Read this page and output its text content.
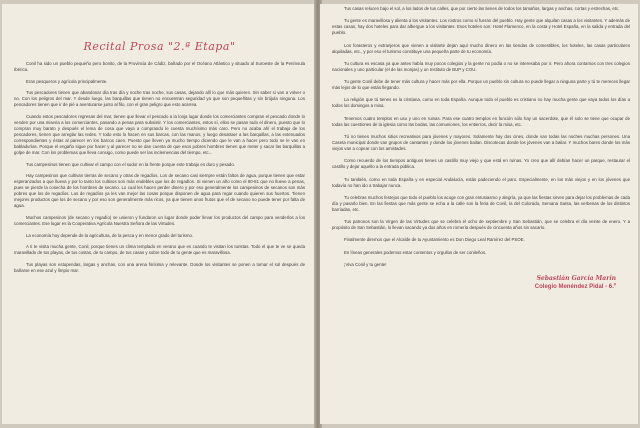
Recital Prosa "2.ª Etapa"

Conil ha sido un pueblo pequeño pero bonito, de la Provincia de Cádiz, bañado por el Océano Atlántico y situado al Suroeste de la Península Ibérica.

Eran pesqueros y agrícola principalmente.

Tus pescadores tienen que abandonar día tras día y noche tras noche, sus casas, dejando allí lo que más quieren. Sin saber si van a volver o no. Con los peligros del mar. Y desde luego, las barquillas que tienen no encuentran seguridad ya que son pequeñitas y sin brújula ninguna. Los pescadores tienen que ir de pié a aventurarse junto al filo, con el gran peligro que esto acarrea.

Cuando estos pescadores regresan del mar, tienen que llevar el pescado a la lonja lugar donde los comerciantes compran el pescado donde lo venden por una miseria a los comerciantes, pasando a penas para subsistir. Y los comerciantes, estos sí, ellos se pasan todo el dinero, puesto que lo compran muy barato y después el lema de cosa que vaya a comprando le cuesta muchísimo más caro. Pero no acaba ahí el trabajo de los pescadores, tienen que arreglar las redes. Y todo esto lo hacen en sus barcas, con las manos, y luego desatraer a las barquillas, a las extenuados correspondientes y éstas al parecer en los barcos caen. Puesto que lleven ya mucho tiempo diciendo que le van a hacer pero todo se le van en babladurías. Porque el engaño sigue por hacer y al parecer no se dan cuenta de que esos pobres hombres tienen que meter y sacar las barquillas a golpe de mar. Con los problemas que lleva consigo, como puede ser las inclemencias del tiempo, etc...

Tus campesinos tienen que cultivar el campo con el sudor en la frente porque este trabajo es duro y pesado.

Hay campesinos que cultivan tierras de secano y otras de regadíos. Los de secano casi siempre están faltos de agua, porque tienen que estar esperanzados a que llueva y por lo tanto los cultivos son más endebles que los de regadíos. Si vienen un año como el 80-81 que no llueve a penas, pues se pierde la cosecha de los hombres de secano. Lo cual les hacen perder dinero y por eso generalmente los campesinos de secanos son más pobres que los de regadíos. Los de regadíos ya les van mejor las cosas porque disponen de agua para regar cuando quieren sus huertos. Tienen mejores productos que los de secano y por eso son generalmente más ricos, ya que tienen unos frutos que el de secano no puede tener por falta de agua.

Muchos campesinos (de secano y regadío) se unieron y fundaron un lugar donde poder llevar los productos del campo para venderlos a los comerciantes. Ese lugar es la Cooperativa Agrícola Nuestra Señora de las Virtudes.

La economía hoy depende de la agricultura, de la pesca y en menor grado del turismo.

A ti te visita mucha gente, Conil, porque tienes un clima templado en verano que es cuando te visitan los turistas. Todo el que te ve se queda maravillado de tus playas, de tus costas, de tu campo, de tus casas y sobre todo de tu gente que es maravillosa.

Tus playas son estupendas, largas y anchas, con una arena finísima y relevante. Donde los visitantes se ponen a tomar el sol después de bañarse en ese azul y límpio mar.

Tus casas relucen bajo el sol, a los lados de tus calles, que por cierto las tienes de todos los tamaños, largas y anchas, cortas y estrechas, etc.

Tu gente es maravillosa y alienta a los visitantes. Los rostros como si fueran del pueblo. Hay gente que alquilan casas a los visitantes. Y además de estas casas, hay dos hoteles para dar albergue a los visitantes. Esos hoteles son: Hotel Flamenco, en la costa y Hotel España, en la salida y entrada del pueblo.

Los forasteros y extranjeros que vienen a visitarte dejan aquí mucho dinero en las tiendas de comestibles, los hoteles, las casas particulares alquiladas, etc., y por eso el turismo constituye una pequeña parte de tu economía.

Tu cultura es escasa ya que antes había muy pocos colegios y la gente no podía o no se interesaba por ir. Pero ahora contamos con tres colegios nacionales y uno particular (el de las monjas) y un Instituto de BUP y COU.

Tu gente Conil debe de tener más cultura y hacer más por ella. Porque un pueblo sin cultura no puede llegar a ninguna parte y tú te mereces llegar más lejos de lo que estás llegando.

La religión que tú tienes es la cristiana, como en toda España. Aunque todo el pueblo es cristiano no hay mucha gente que vaya todos los días a todos los domingos a misa.

Tenemos cuatro templos en uso y uno en ruinas. Para ese cuatro templos en función sólo hay un sacerdote, que él solo se tiene que ocupar de todas las cuestiones de la iglesia como las bodas, las comuniones, los entierros, decir la misa, etc.

Tú no tienes muchos sitios recreativos para jóvenes y mayores. Solamente hay dos cines, donde van todas las noches muchas persones. Una Caseta municipal donde van grupos de cantantes y donde los jóvenes bailan. Discotecas donde los jóvenes van a bailar. Y muchos bares donde los más viejos van a copear con los amistades.

Como recuerdo de los tiempos antiguos tienes un castillo muy viejo y que está en ruinas. Yo creo que allí debían hacer un parque, restaurar el castillo y dejar aquello a la entrada pública.

Tu también, como en toda España y en especial Andalucía, estás padeciendo el paro. Especialmente, en los más viejos y en los jóvenes que todavía no han ido a trabajar nunca.

Tu celebras muchos festejos que todo el pueblo los acoge con gran entusiasmo y alegría, ya que las fiestas sirven para dejar los problemas de cada día y pasarlo bien. En las fiestas que más gente se echa a la calle son la feria de Conil, la del Colorado, Semana Santa, las verbenas de los distintos barriadas, etc.

Tus patronos son la Virgen de las Virtudes que se celebra el ocho de septiembre y San Sebastián, que se celebra el día veinte de enero. Y a propósito de San Sebastián, lo llevan sacando ya dos años en romería después de cincuenta años sin sacarlo.

Finalmente diremos que el Alcalde de tu Ayuntamiento es Don Diego Leal Ramírez del PSOE.

En líneas generales podemos estar contentos y orgullos de ser conileños.

¡Viva Conil y tu gente!

Sebastián García Marín
Colegio Menéndez Pidal - 6.º
